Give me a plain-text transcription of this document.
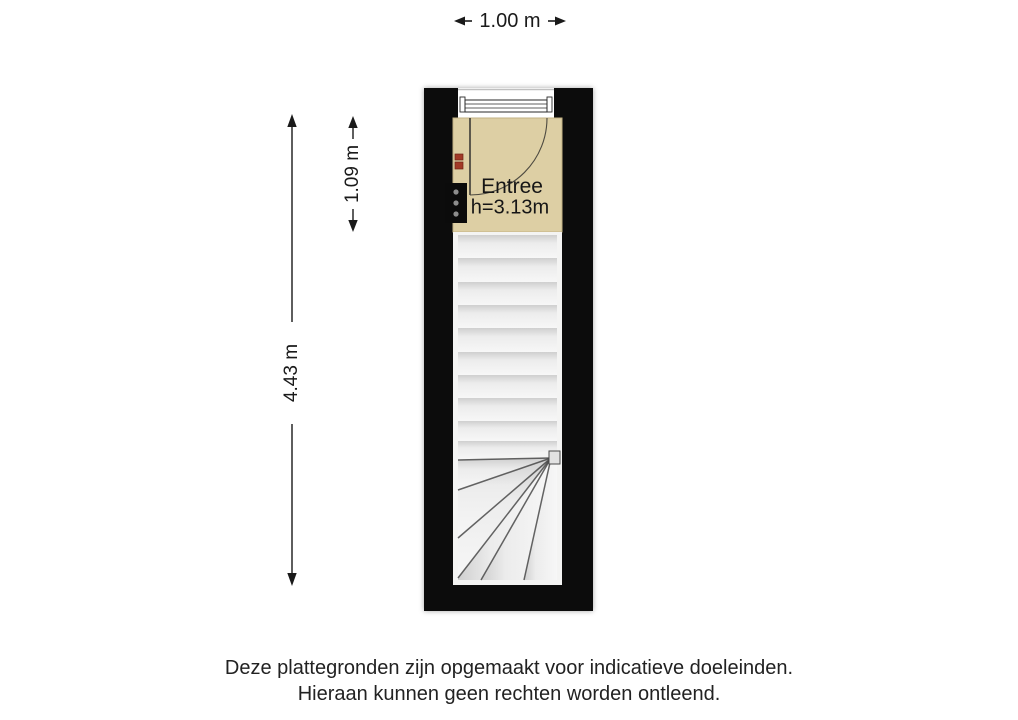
1.00 m
4.43 m
1.09 m	Entree
h=3.13m
Deze plattegronden zijn opgemaakt voor indicatieve doeleinden.
Hieraan kunnen geen rechten worden ontleend.
